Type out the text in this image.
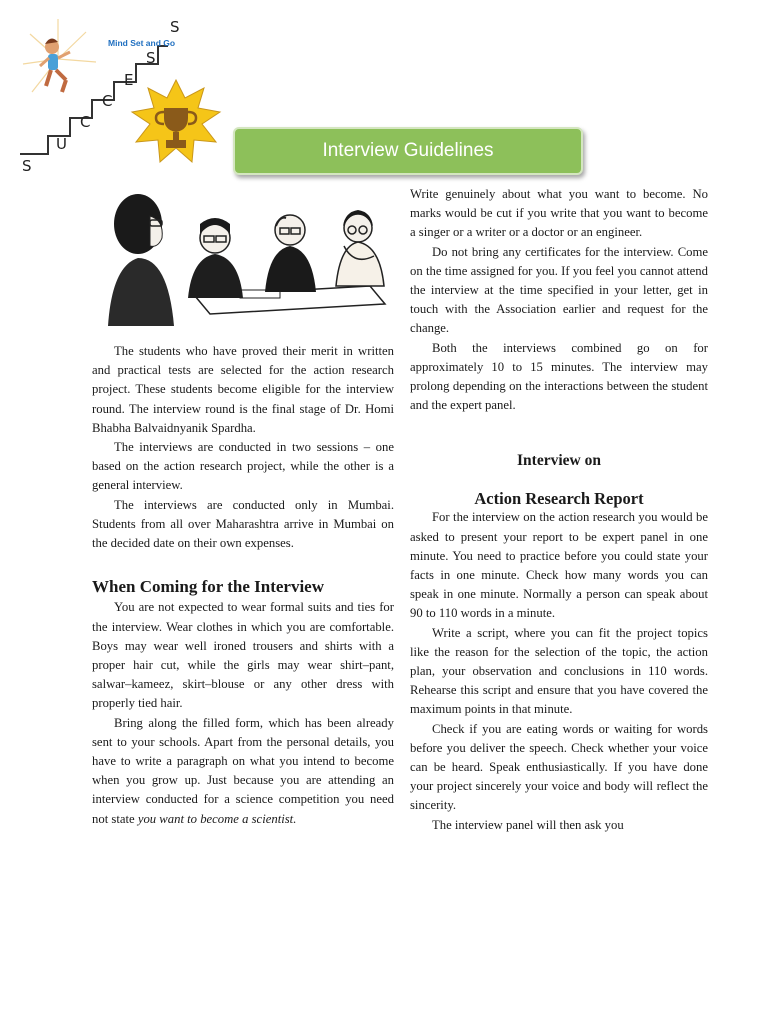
Mind Set and Go
S
U
C
C
E
S
S
Interview Guidelines

The students who have proved their merit in written and practical tests are selected for the action research project. These students become eligible for the interview round. The interview round is the final stage of Dr. Homi Bhabha Balvaidnyanik Spardha.

The interviews are conducted in two sessions – one based on the action research project, while the other is a general interview.

The interviews are conducted only in Mumbai. Students from all over Maharashtra arrive in Mumbai on the decided date on their own expenses.

When Coming for the Interview

You are not expected to wear formal suits and ties for the interview. Wear clothes in which you are comfortable. Boys may wear well ironed trousers and shirts with a proper hair cut, while the girls may wear shirt–pant, salwar–kameez, skirt–blouse or any other dress with properly tied hair.

Bring along the filled form, which has been already sent to your schools. Apart from the personal details, you have to write a paragraph on what you intend to become when you grow up. Just because you are attending an interview conducted for a science competition you need not state you want to become a scientist.

Write genuinely about what you want to become. No marks would be cut if you write that you want to become a singer or a writer or a doctor or an engineer.

Do not bring any certificates for the interview. Come on the time assigned for you. If you feel you cannot attend the interview at the time specified in your letter, get in touch with the Association earlier and request for the change.

Both the interviews combined go on for approximately 10 to 15 minutes. The interview may prolong depending on the interactions between the student and the expert panel.

Interview on
Action Research Report

For the interview on the action research you would be asked to present your report to be expert panel in one minute. You need to practice before you could state your facts in one minute. Check how many words you can speak in one minute. Normally a person can speak about 90 to 110 words in a minute.

Write a script, where you can fit the project topics like the reason for the selection of the topic, the action plan, your observation and conclusions in 110 words. Rehearse this script and ensure that you have covered the maximum points in that minute.

Check if you are eating words or waiting for words before you deliver the speech. Check whether your voice can be heard. Speak enthusiastically. If you have done your project sincerely your voice and body will reflect the sincerity.

The interview panel will then ask you
